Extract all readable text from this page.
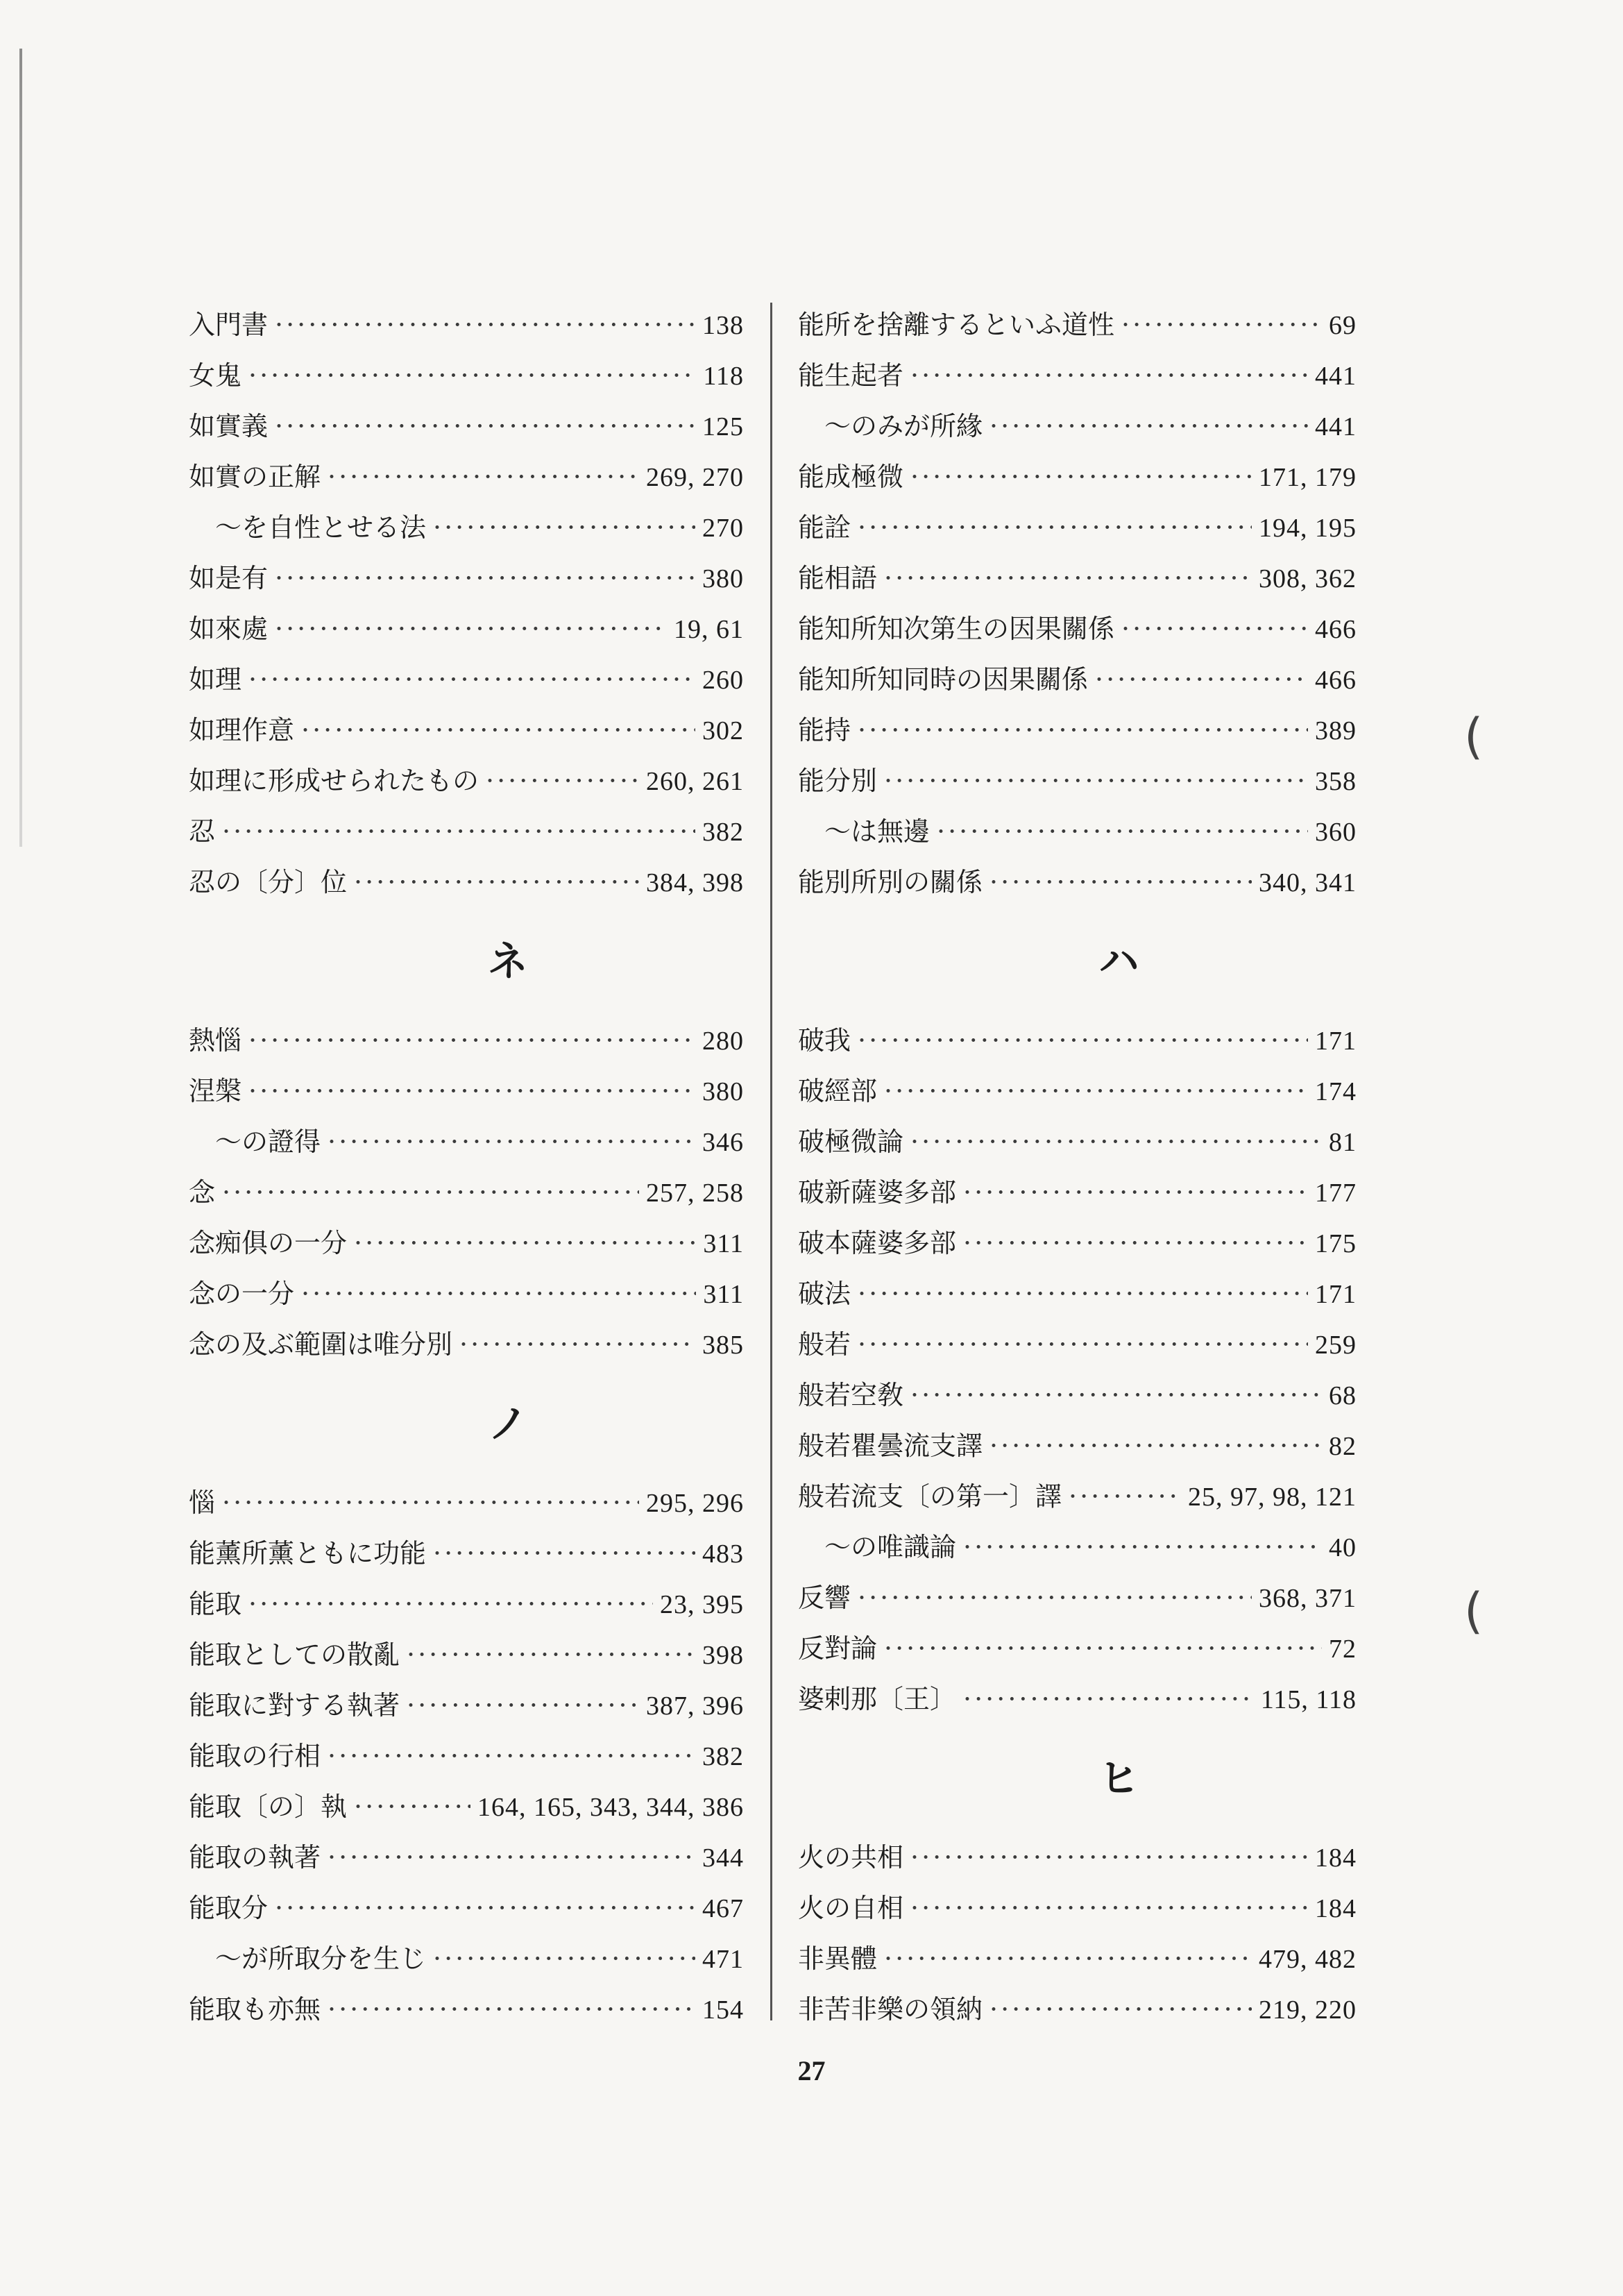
入門書 ·····	138
女鬼 ·····	118
如實義 ·····	125
如實の正解 ·····	269, 270
〜を自性とせる法 ·····	270
如是有 ·····	380
如來處 ·····	19, 61
如理 ·····	260
如理作意 ·····	302
如理に形成せられたもの ·····	260, 261
忍 ·····	382
忍の〔分〕位 ·····	384, 398
ネ
熱惱 ·····	280
涅槃 ·····	380
〜の證得 ·····	346
念 ·····	257, 258
念痴俱の一分 ·····	311
念の一分 ·····	311
念の及ぶ範圍は唯分別 ·····	385
ノ
惱 ·····	295, 296
能薰所薰ともに功能 ·····	483
能取 ·····	23, 395
能取としての散亂 ·····	398
能取に對する執著 ·····	387, 396
能取の行相 ·····	382
能取〔の〕執 ·····	164, 165, 343, 344, 386
能取の執著 ·····	344
能取分 ·····	467
〜が所取分を生じ ·····	471
能取も亦無 ·····	154
能所を捨離するといふ道性 ·····	69
能生起者 ·····	441
〜のみが所緣 ·····	441
能成極微 ·····	171, 179
能詮 ·····	194, 195
能相語 ·····	308, 362
能知所知次第生の因果關係 ·····	466
能知所知同時の因果關係 ·····	466
能持 ·····	389
能分別 ·····	358
〜は無邊 ·····	360
能別所別の關係 ·····	340, 341
ハ
破我 ·····	171
破經部 ·····	174
破極微論 ·····	81
破新薩婆多部 ·····	177
破本薩婆多部 ·····	175
破法 ·····	171
般若 ·····	259
般若空敎 ·····	68
般若瞿曇流支譯 ·····	82
般若流支〔の第一〕譯 ·····	25, 97, 98, 121
〜の唯識論 ·····	40
反響 ·····	368, 371
反對論 ·····	72
婆剌那〔王〕 ·····	115, 118
ヒ
火の共相 ·····	184
火の自相 ·····	184
非異體 ·····	479, 482
非苦非樂の領納 ·····	219, 220
(
(
27
